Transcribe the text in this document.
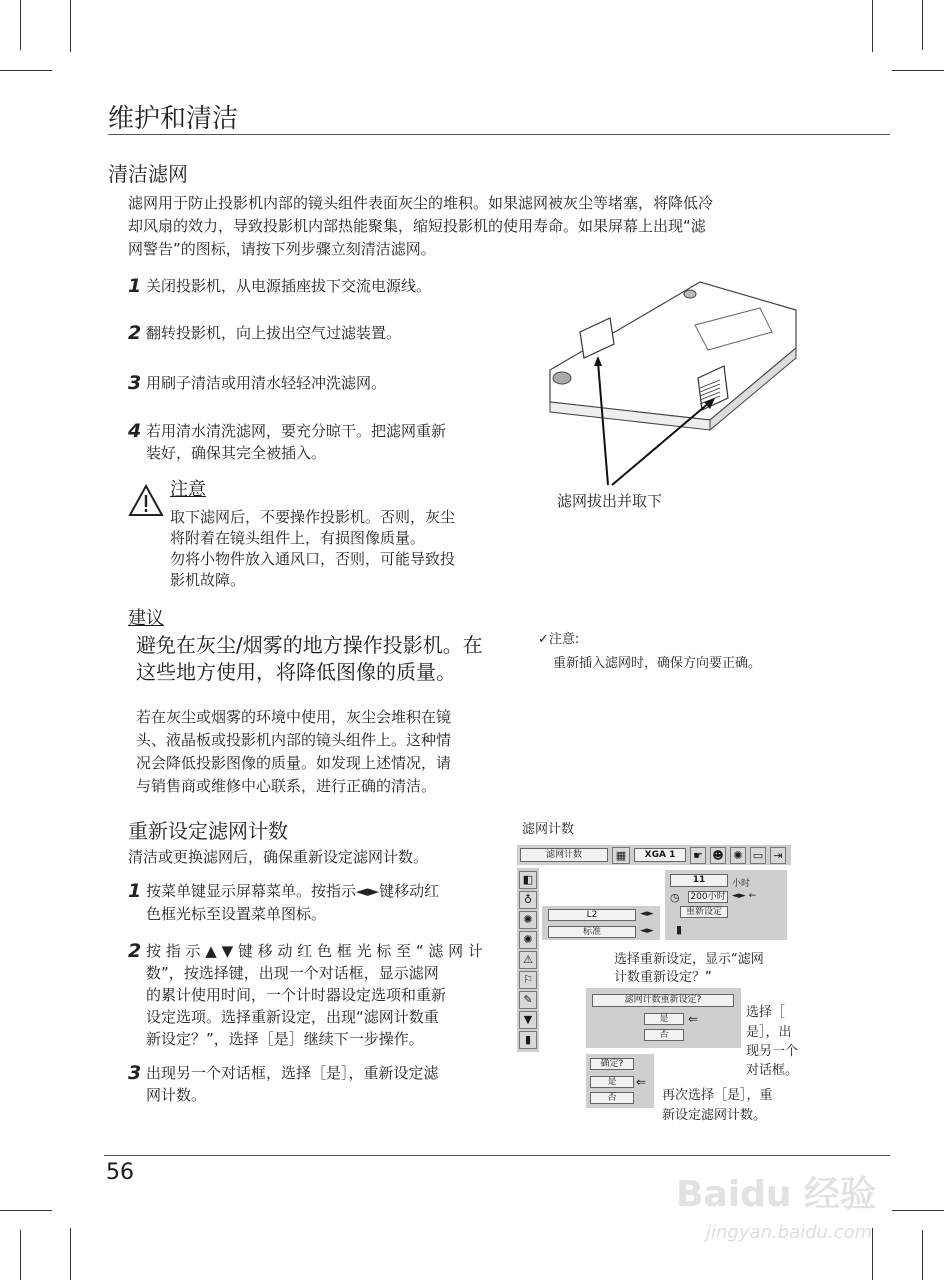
维护和清洁
清洁滤网
滤网用于防止投影机内部的镜头组件表面灰尘的堆积。如果滤网被灰尘等堵塞，将降低冷
却风扇的效力，导致投影机内部热能聚集，缩短投影机的使用寿命。如果屏幕上出现“滤
网警告”的图标，请按下列步骤立刻清洁滤网。
1 关闭投影机，从电源插座拔下交流电源线。
2 翻转投影机，向上拔出空气过滤装置。
3 用刷子清洁或用清水轻轻冲洗滤网。
4 若用清水清洗滤网，要充分晾干。把滤网重新
装好，确保其完全被插入。
注意
取下滤网后，不要操作投影机。否则，灰尘
将附着在镜头组件上，有损图像质量。
勿将小物件放入通风口，否则，可能导致投
影机故障。
滤网拔出并取下
✓注意:
重新插入滤网时，确保方向要正确。
建议
避免在灰尘/烟雾的地方操作投影机。在
这些地方使用，将降低图像的质量。
若在灰尘或烟雾的环境中使用，灰尘会堆积在镜
头、液晶板或投影机内部的镜头组件上。这种情
况会降低投影图像的质量。如发现上述情况，请
与销售商或维修中心联系，进行正确的清洁。
重新设定滤网计数
清洁或更换滤网后，确保重新设定滤网计数。
1 按菜单键显示屏幕菜单。按指示◄►键移动红
色框光标至设置菜单图标。
2 按 指 示 ▲ ▼ 键 移 动 红 色 框 光 标 至 “ 滤 网 计
数”，按选择键，出现一个对话框，显示滤网
的累计使用时间，一个计时器设定选项和重新
设定选项。选择重新设定，出现“滤网计数重
新设定？”，选择［是］继续下一步操作。
3 出现另一个对话框，选择［是］，重新设定滤
网计数。
滤网计数
滤网计数	▦	XGA 1	☛ ☻ ✺ ▭ ⇥
◧
♁
✺
✺
⚠
⚐
✎
▼
▮
L2	◄►
标准	◄►
11	小时
◷ 200小时 ◄► ←
重新设定
▮
选择重新设定，显示“滤网
计数重新设定？”
滤网计数重新设定?
是	⇐
否
选择［
是］，出
现另一个
对话框。
确定?
是	⇐
否	再次选择［是］，重
新设定滤网计数。
56
Baidu 经验
jingyan.baidu.com
